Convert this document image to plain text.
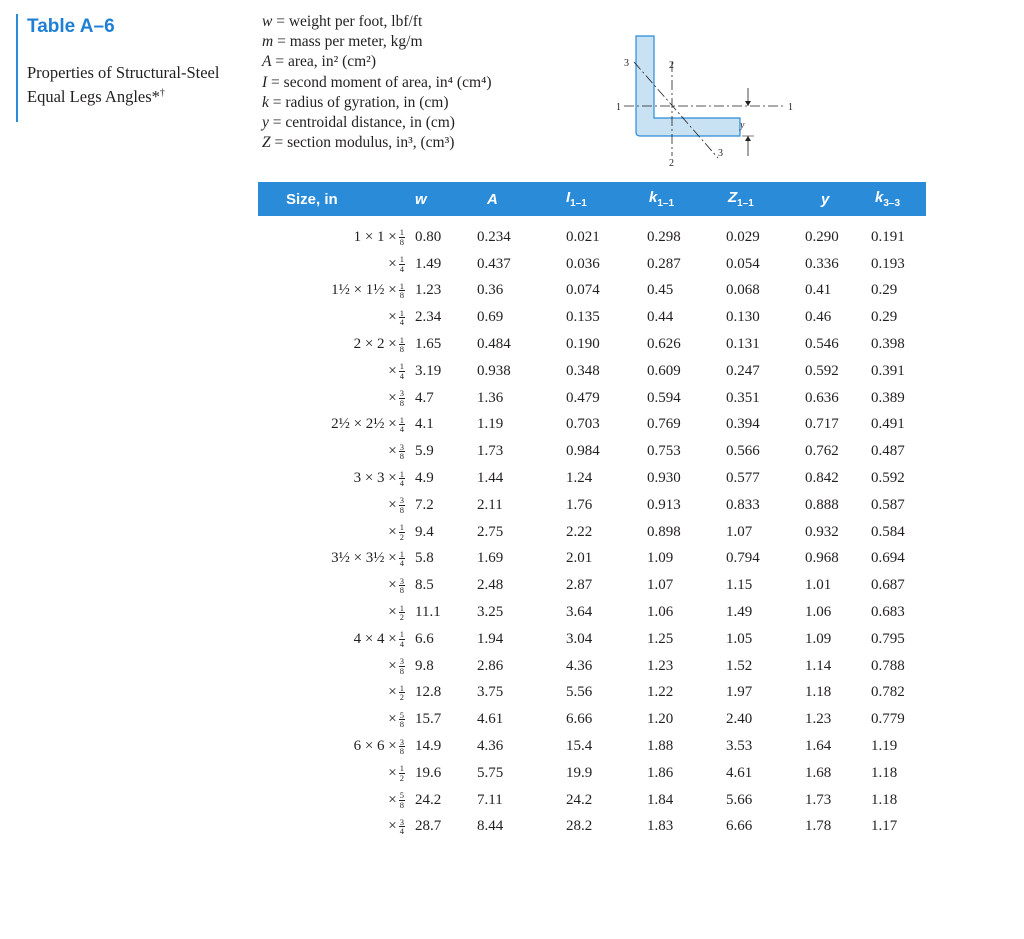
Table A–6
Properties of Structural-Steel Equal Legs Angles*†
w = weight per foot, lbf/ft
m = mass per meter, kg/m
A = area, in² (cm²)
I = second moment of area, in⁴ (cm⁴)
k = radius of gyration, in (cm)
y = centroidal distance, in (cm)
Z = section modulus, in³, (cm³)
1	1
2
2
3
3
y
Size, in	w	A	$I_{1-1}$	$k_{1-1}$	$Z_{1-1}$	y	$k_{3-3}$
$1 \times 1 \times \frac{1}{8}$	0.80	0.234	0.021	0.298	0.029	0.290	0.191
× $\frac{1}{4}$	1.49	0.437	0.036	0.287	0.054	0.336	0.193
1½ × 1½ × $\frac{1}{8}$	1.23	0.36	0.074	0.45	0.068	0.41	0.29
× $\frac{1}{4}$	2.34	0.69	0.135	0.44	0.130	0.46	0.29
$2 \times 2 \times \frac{1}{8}$	1.65	0.484	0.190	0.626	0.131	0.546	0.398
× $\frac{1}{4}$	3.19	0.938	0.348	0.609	0.247	0.592	0.391
× $\frac{3}{8}$	4.7	1.36	0.479	0.594	0.351	0.636	0.389
2½ × 2½ × $\frac{1}{4}$	4.1	1.19	0.703	0.769	0.394	0.717	0.491
× $\frac{3}{8}$	5.9	1.73	0.984	0.753	0.566	0.762	0.487
$3 \times 3 \times \frac{1}{4}$	4.9	1.44	1.24	0.930	0.577	0.842	0.592
× $\frac{3}{8}$	7.2	2.11	1.76	0.913	0.833	0.888	0.587
× $\frac{1}{2}$	9.4	2.75	2.22	0.898	1.07	0.932	0.584
3½ × 3½ × $\frac{1}{4}$	5.8	1.69	2.01	1.09	0.794	0.968	0.694
× $\frac{3}{8}$	8.5	2.48	2.87	1.07	1.15	1.01	0.687
× $\frac{1}{2}$	11.1	3.25	3.64	1.06	1.49	1.06	0.683
$4 \times 4 \times \frac{1}{4}$	6.6	1.94	3.04	1.25	1.05	1.09	0.795
× $\frac{3}{8}$	9.8	2.86	4.36	1.23	1.52	1.14	0.788
× $\frac{1}{2}$	12.8	3.75	5.56	1.22	1.97	1.18	0.782
× $\frac{5}{8}$	15.7	4.61	6.66	1.20	2.40	1.23	0.779
$6 \times 6 \times \frac{3}{8}$	14.9	4.36	15.4	1.88	3.53	1.64	1.19
× $\frac{1}{2}$	19.6	5.75	19.9	1.86	4.61	1.68	1.18
× $\frac{5}{8}$	24.2	7.11	24.2	1.84	5.66	1.73	1.18
× $\frac{3}{4}$	28.7	8.44	28.2	1.83	6.66	1.78	1.17
